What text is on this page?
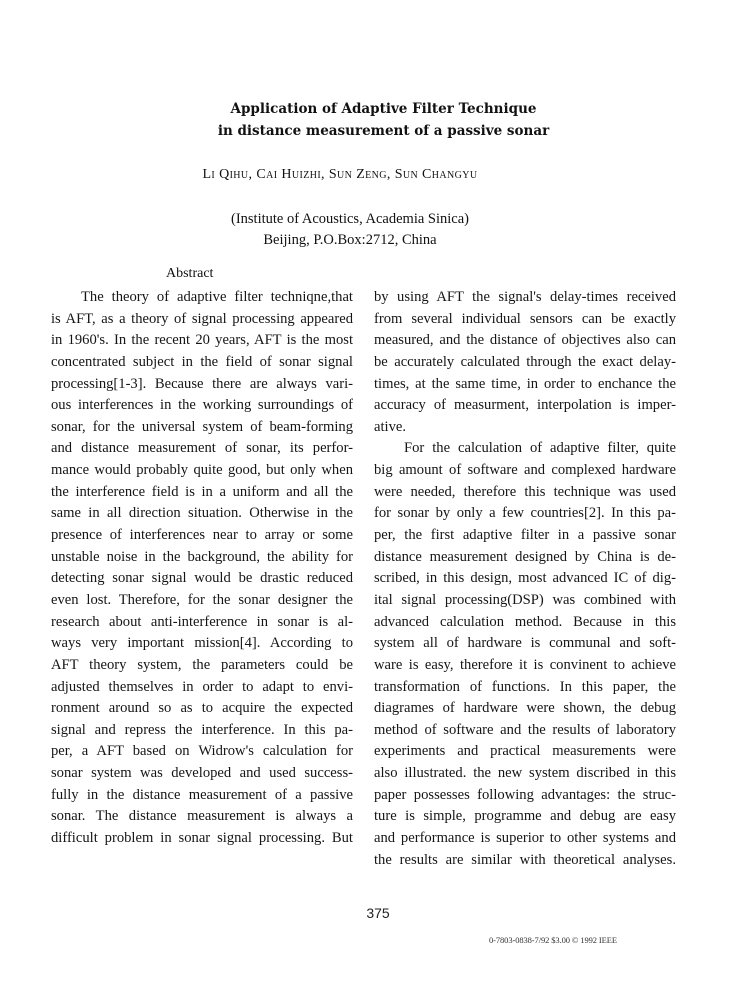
Application of Adaptive Filter Technique
in distance measurement of a passive sonar
Li Qihu, Cai Huizhi, Sun Zeng, Sun Changyu
(Institute of Acoustics, Academia Sinica)
Beijing, P.O.Box:2712, China
Abstract
The theory of adaptive filter techniqne,that
is AFT, as a theory of signal processing appeared
in 1960's. In the recent 20 years, AFT is the most
concentrated subject in the field of sonar signal
processing[1-3]. Because there are always vari-
ous interferences in the working surroundings of
sonar, for the universal system of beam-forming
and distance measurement of sonar, its perfor-
mance would probably quite good, but only when
the interference field is in a uniform and all the
same in all direction situation. Otherwise in the
presence of interferences near to array or some
unstable noise in the background, the ability for
detecting sonar signal would be drastic reduced
even lost. Therefore, for the sonar designer the
research about anti-interference in sonar is al-
ways very important mission[4]. According to
AFT theory system, the parameters could be
adjusted themselves in order to adapt to envi-
ronment around so as to acquire the expected
signal and repress the interference. In this pa-
per, a AFT based on Widrow's calculation for
sonar system was developed and used success-
fully in the distance measurement of a passive
sonar. The distance measurement is always a
difficult problem in sonar signal processing. But
by using AFT the signal's delay-times received
from several individual sensors can be exactly
measured, and the distance of objectives also can
be accurately calculated through the exact delay-
times, at the same time, in order to enchance the
accuracy of measurment, interpolation is imper-
ative.
For the calculation of adaptive filter, quite
big amount of software and complexed hardware
were needed, therefore this technique was used
for sonar by only a few countries[2]. In this pa-
per, the first adaptive filter in a passive sonar
distance measurement designed by China is de-
scribed, in this design, most advanced IC of dig-
ital signal processing(DSP) was combined with
advanced calculation method. Because in this
system all of hardware is communal and soft-
ware is easy, therefore it is convinent to achieve
transformation of functions. In this paper, the
diagrames of hardware were shown, the debug
method of software and the results of laboratory
experiments and practical measurements were
also illustrated. the new system discribed in this
paper possesses following advantages: the struc-
ture is simple, programme and debug are easy
and performance is superior to other systems and
the results are similar with theoretical analyses.
375
0-7803-0838-7/92 $3.00 © 1992 IEEE
